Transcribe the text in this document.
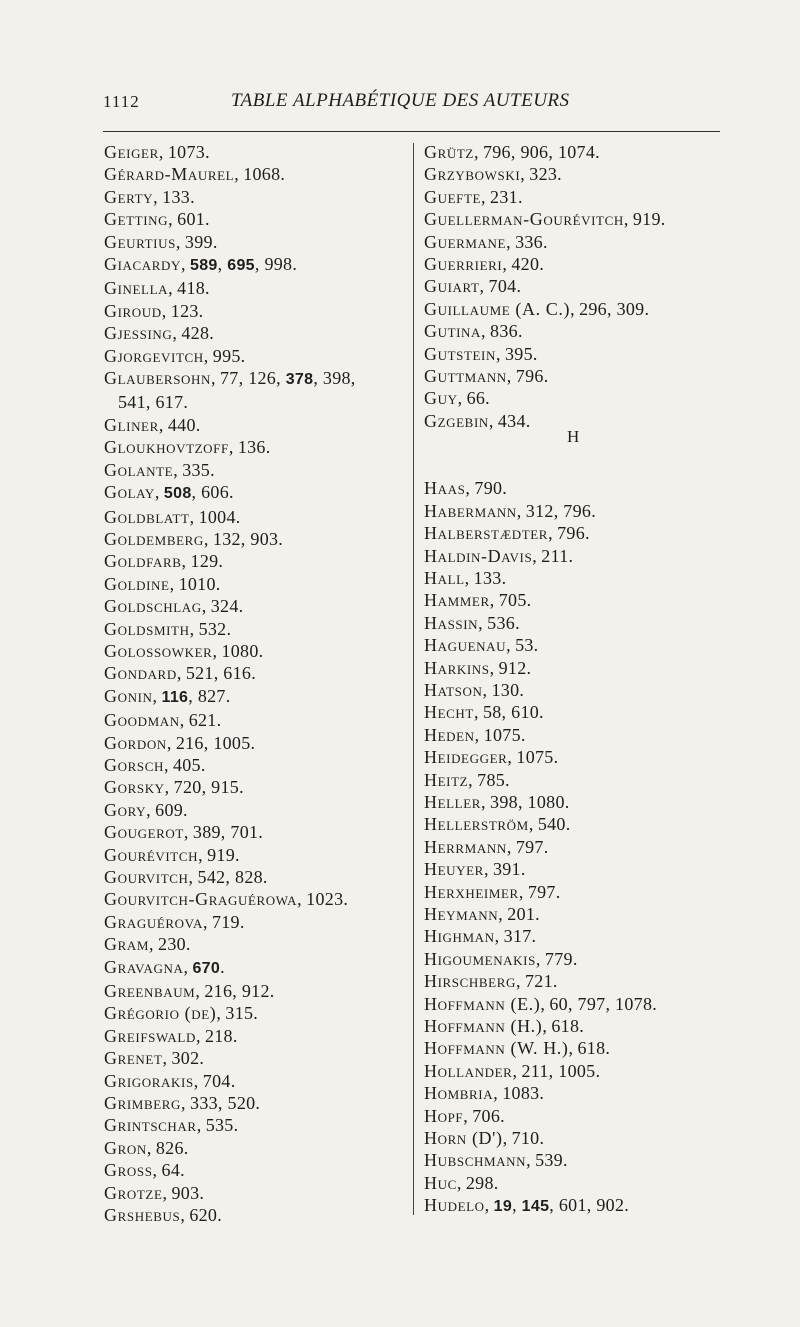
1112	TABLE ALPHABÉTIQUE DES AUTEURS
Geiger, 1073.
Gérard-Maurel, 1068.
Gerty, 133.
Getting, 601.
Geurtius, 399.
Giacardy, 589, 695, 998.
Ginella, 418.
Giroud, 123.
Gjessing, 428.
Gjorgevitch, 995.
Glaubersohn, 77, 126, 378, 398,
541, 617.
Gliner, 440.
Gloukhovtzoff, 136.
Golante, 335.
Golay, 508, 606.
Goldblatt, 1004.
Goldemberg, 132, 903.
Goldfarb, 129.
Goldine, 1010.
Goldschlag, 324.
Goldsmith, 532.
Golossowker, 1080.
Gondard, 521, 616.
Gonin, 116, 827.
Goodman, 621.
Gordon, 216, 1005.
Gorsch, 405.
Gorsky, 720, 915.
Gory, 609.
Gougerot, 389, 701.
Gourévitch, 919.
Gourvitch, 542, 828.
Gourvitch-Graguérowa, 1023.
Graguérova, 719.
Gram, 230.
Gravagna, 670.
Greenbaum, 216, 912.
Grégorio (de), 315.
Greifswald, 218.
Grenet, 302.
Grigorakis, 704.
Grimberg, 333, 520.
Grintschar, 535.
Gron, 826.
Gross, 64.
Grotze, 903.
Grshebus, 620.
Grütz, 796, 906, 1074.
Grzybowski, 323.
Guefte, 231.
Guellerman-Gourévitch, 919.
Guermane, 336.
Guerrieri, 420.
Guiart, 704.
Guillaume (A. C.), 296, 309.
Gutina, 836.
Gutstein, 395.
Guttmann, 796.
Guy, 66.
Gzgebin, 434.
Haas, 790.
Habermann, 312, 796.
Halberstædter, 796.
Haldin-Davis, 211.
Hall, 133.
Hammer, 705.
Hassin, 536.
Haguenau, 53.
Harkins, 912.
Hatson, 130.
Hecht, 58, 610.
Heden, 1075.
Heidegger, 1075.
Heitz, 785.
Heller, 398, 1080.
Hellerström, 540.
Herrmann, 797.
Heuyer, 391.
Herxheimer, 797.
Heymann, 201.
Highman, 317.
Higoumenakis, 779.
Hirschberg, 721.
Hoffmann (E.), 60, 797, 1078.
Hoffmann (H.), 618.
Hoffmann (W. H.), 618.
Hollander, 211, 1005.
Hombria, 1083.
Hopf, 706.
Horn (D'), 710.
Hubschmann, 539.
Huc, 298.
Hudelo, 19, 145, 601, 902.
H
